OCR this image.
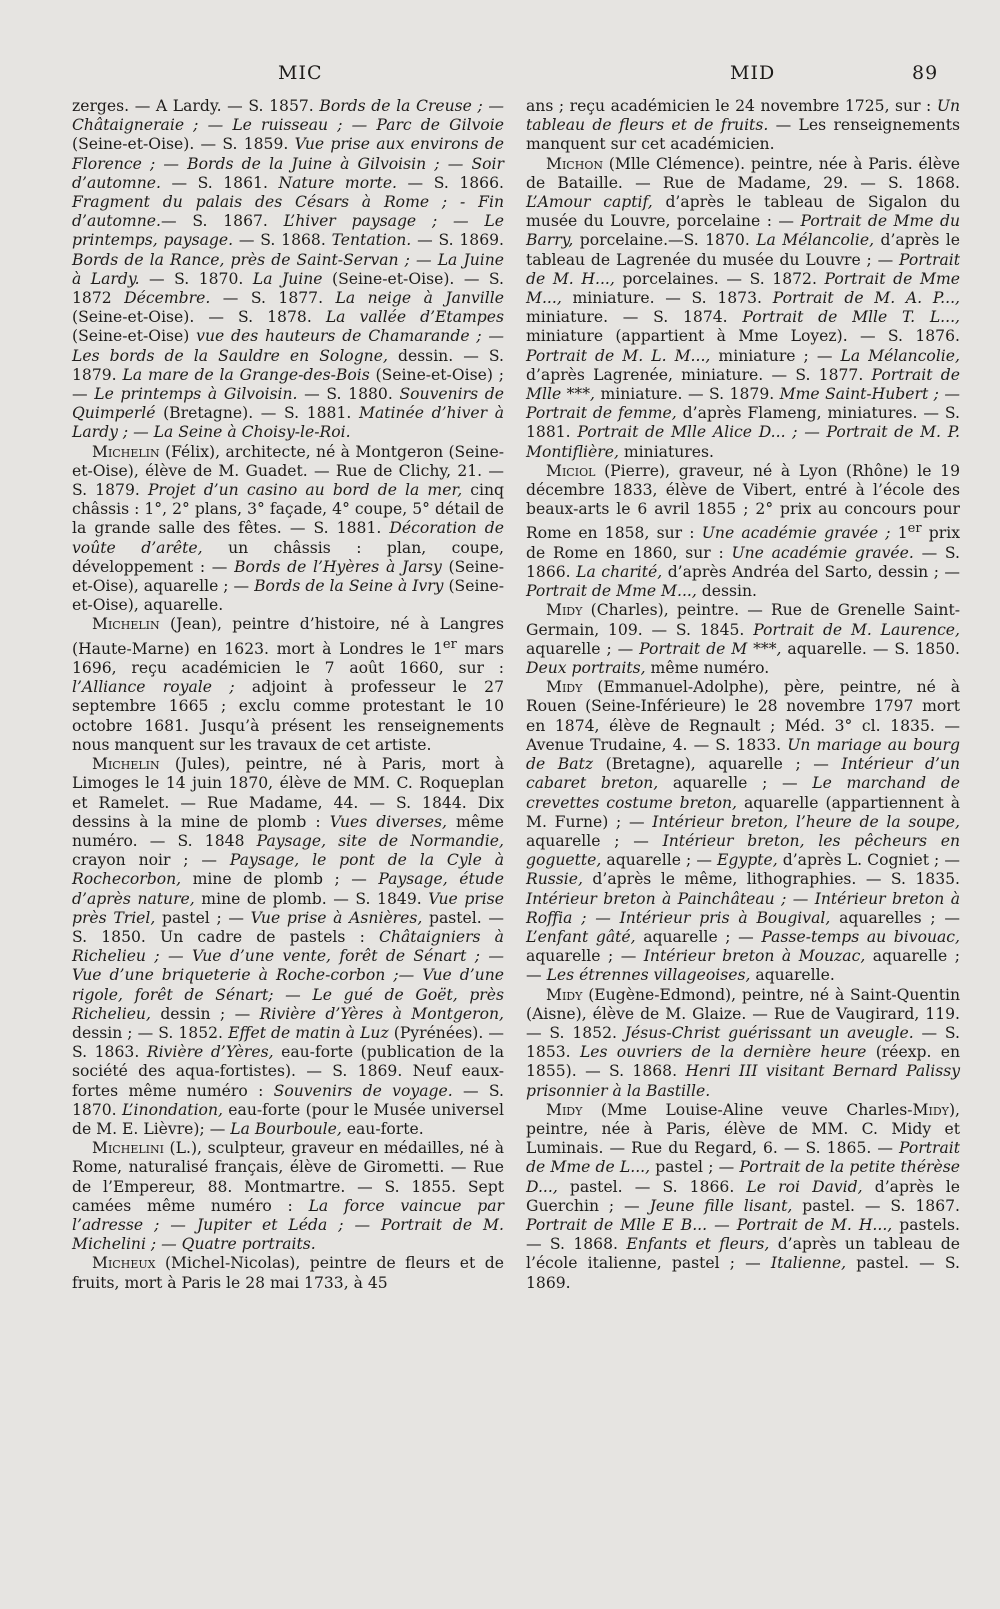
MIC	MID	89

zerges. — A Lardy. — S. 1857. Bords de la Creuse ; — Châtaigneraie ; — Le ruisseau ; — Parc de Gilvoie (Seine-et-Oise). — S. 1859. Vue prise aux environs de Florence ; — Bords de la Juine à Gilvoisin ; — Soir d’automne. — S. 1861. Nature morte. — S. 1866. Fragment du palais des Césars à Rome ; - Fin d’automne.— S. 1867. L’hiver paysage ; — Le printemps, paysage. — S. 1868. Tentation. — S. 1869. Bords de la Rance, près de Saint-Servan ; — La Juine à Lardy. — S. 1870. La Juine (Seine-et-Oise). — S. 1872 Décembre. — S. 1877. La neige à Janville (Seine-et-Oise). — S. 1878. La vallée d’Etampes (Seine-et-Oise) vue des hauteurs de Chamarande ; — Les bords de la Sauldre en Sologne, dessin. — S. 1879. La mare de la Grange-des-Bois (Seine-et-Oise) ; — Le printemps à Gilvoisin. — S. 1880. Souvenirs de Quimperlé (Bretagne). — S. 1881. Matinée d’hiver à Lardy ; — La Seine à Choisy-le-Roi.

Michelin (Félix), architecte, né à Montgeron (Seine-et-Oise), élève de M. Guadet. — Rue de Clichy, 21. — S. 1879. Projet d’un casino au bord de la mer, cinq châssis : 1°, 2° plans, 3° façade, 4° coupe, 5° détail de la grande salle des fêtes. — S. 1881. Décoration de voûte d’arête, un châssis : plan, coupe, développement : — Bords de l’Hyères à Jarsy (Seine-et-Oise), aquarelle ; — Bords de la Seine à Ivry (Seine-et-Oise), aquarelle.

Michelin (Jean), peintre d’histoire, né à Langres (Haute-Marne) en 1623. mort à Londres le 1er mars 1696, reçu académicien le 7 août 1660, sur : l’Alliance royale ; adjoint à professeur le 27 septembre 1665 ; exclu comme protestant le 10 octobre 1681. Jusqu’à présent les renseignements nous manquent sur les travaux de cet artiste.

Michelin (Jules), peintre, né à Paris, mort à Limoges le 14 juin 1870, élève de MM. C. Roqueplan et Ramelet. — Rue Madame, 44. — S. 1844. Dix dessins à la mine de plomb : Vues diverses, même numéro. — S. 1848 Paysage, site de Normandie, crayon noir ; — Paysage, le pont de la Cyle à Rochecorbon, mine de plomb ; — Paysage, étude d’après nature, mine de plomb. — S. 1849. Vue prise près Triel, pastel ; — Vue prise à Asnières, pastel. — S. 1850. Un cadre de pastels : Châtaigniers à Richelieu ; — Vue d’une vente, forêt de Sénart ; — Vue d’une briqueterie à Roche-corbon ;— Vue d’une rigole, forêt de Sénart; — Le gué de Goët, près Richelieu, dessin ; — Rivière d’Yères à Montgeron, dessin ; — S. 1852. Effet de matin à Luz (Pyrénées). — S. 1863. Rivière d’Yères, eau-forte (publication de la société des aqua-fortistes). — S. 1869. Neuf eaux-fortes même numéro : Souvenirs de voyage. — S. 1870. L’inondation, eau-forte (pour le Musée universel de M. E. Lièvre); — La Bourboule, eau-forte.

Michelini (L.), sculpteur, graveur en médailles, né à Rome, naturalisé français, élève de Girometti. — Rue de l’Empereur, 88. Montmartre. — S. 1855. Sept camées même numéro : La force vaincue par l’adresse ; — Jupiter et Léda ; — Portrait de M. Michelini ; — Quatre portraits.

Micheux (Michel-Nicolas), peintre de fleurs et de fruits, mort à Paris le 28 mai 1733, à 45

ans ; reçu académicien le 24 novembre 1725, sur : Un tableau de fleurs et de fruits. — Les renseignements manquent sur cet académicien.

Michon (Mlle Clémence). peintre, née à Paris. élève de Bataille. — Rue de Madame, 29. — S. 1868. L’Amour captif, d’après le tableau de Sigalon du musée du Louvre, porcelaine : — Portrait de Mme du Barry, porcelaine.—S. 1870. La Mélancolie, d’après le tableau de Lagrenée du musée du Louvre ; — Portrait de M. H..., porcelaines. — S. 1872. Portrait de Mme M..., miniature. — S. 1873. Portrait de M. A. P..., miniature. — S. 1874. Portrait de Mlle T. L..., miniature (appartient à Mme Loyez). — S. 1876. Portrait de M. L. M..., miniature ; — La Mélancolie, d’après Lagrenée, miniature. — S. 1877. Portrait de Mlle ***, miniature. — S. 1879. Mme Saint-Hubert ; — Portrait de femme, d’après Flameng, miniatures. — S. 1881. Portrait de Mlle Alice D... ; — Portrait de M. P. Montiflière, miniatures.

Miciol (Pierre), graveur, né à Lyon (Rhône) le 19 décembre 1833, élève de Vibert, entré à l’école des beaux-arts le 6 avril 1855 ; 2° prix au concours pour Rome en 1858, sur : Une académie gravée ; 1er prix de Rome en 1860, sur : Une académie gravée. — S. 1866. La charité, d’après Andréa del Sarto, dessin ; — Portrait de Mme M..., dessin.

Midy (Charles), peintre. — Rue de Grenelle Saint-Germain, 109. — S. 1845. Portrait de M. Laurence, aquarelle ; — Portrait de M ***, aquarelle. — S. 1850. Deux portraits, même numéro.

Midy (Emmanuel-Adolphe), père, peintre, né à Rouen (Seine-Inférieure) le 28 novembre 1797 mort en 1874, élève de Regnault ; Méd. 3° cl. 1835. — Avenue Trudaine, 4. — S. 1833. Un mariage au bourg de Batz (Bretagne), aquarelle ; — Intérieur d’un cabaret breton, aquarelle ; — Le marchand de crevettes costume breton, aquarelle (appartiennent à M. Furne) ; — Intérieur breton, l’heure de la soupe, aquarelle ; — Intérieur breton, les pêcheurs en goguette, aquarelle ; — Egypte, d’après L. Cogniet ; — Russie, d’après le même, lithographies. — S. 1835. Intérieur breton à Painchâteau ; — Intérieur breton à Roffia ; — Intérieur pris à Bougival, aquarelles ; — L’enfant gâté, aquarelle ; — Passe-temps au bivouac, aquarelle ; — Intérieur breton à Mouzac, aquarelle ; — Les étrennes villageoises, aquarelle.

Midy (Eugène-Edmond), peintre, né à Saint-Quentin (Aisne), élève de M. Glaize. — Rue de Vaugirard, 119. — S. 1852. Jésus-Christ guérissant un aveugle. — S. 1853. Les ouvriers de la dernière heure (réexp. en 1855). — S. 1868. Henri III visitant Bernard Palissy prisonnier à la Bastille.

Midy (Mme Louise-Aline veuve Charles-Midy), peintre, née à Paris, élève de MM. C. Midy et Luminais. — Rue du Regard, 6. — S. 1865. — Portrait de Mme de L..., pastel ; — Portrait de la petite thérèse D..., pastel. — S. 1866. Le roi David, d’après le Guerchin ; — Jeune fille lisant, pastel. — S. 1867. Portrait de Mlle E B... — Portrait de M. H..., pastels. — S. 1868. Enfants et fleurs, d’après un tableau de l’école italienne, pastel ; — Italienne, pastel. — S. 1869.
